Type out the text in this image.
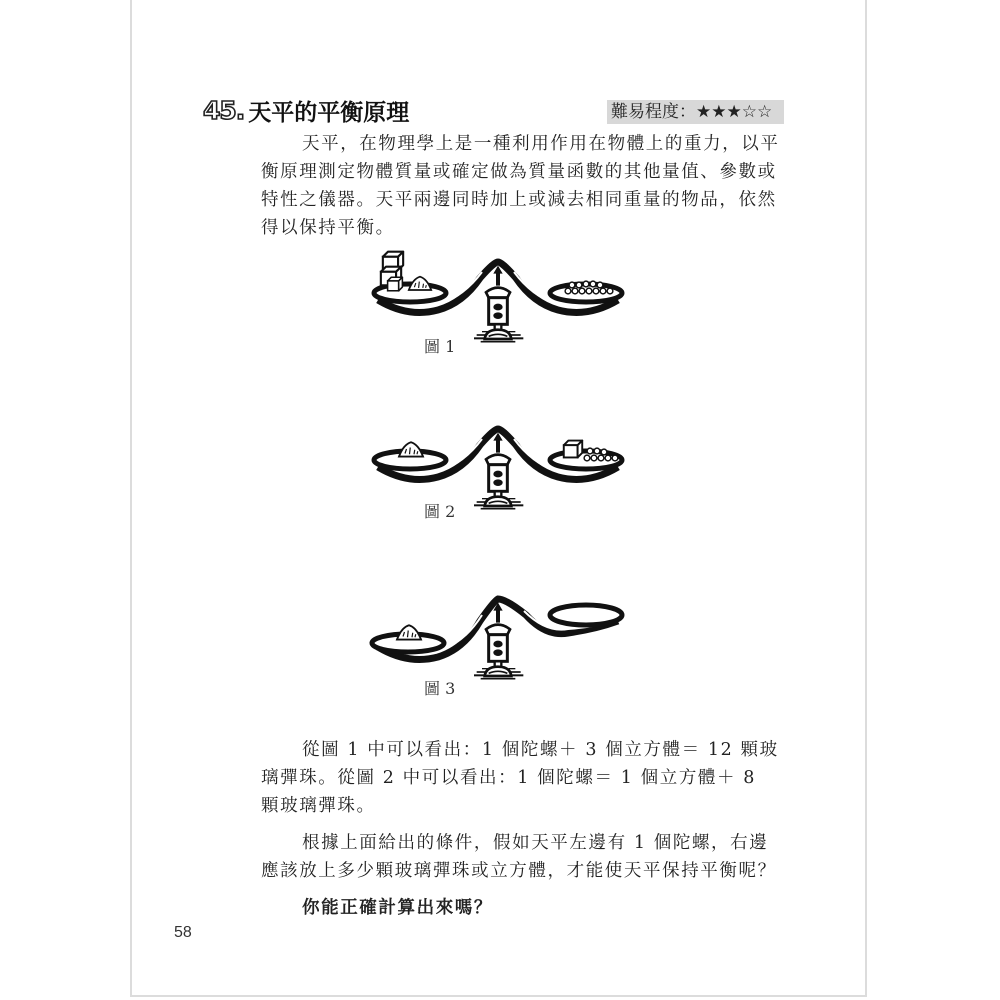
45. 天平的平衡原理	難易程度：★★★☆☆

天平，在物理學上是一種利用作用在物體上的重力，以平衡原理測定物體質量或確定做為質量函數的其他量值、參數或特性之儀器。天平兩邊同時加上或減去相同重量的物品，依然得以保持平衡。

圖 1
圖 2
圖 3

從圖 1 中可以看出：1 個陀螺＋ 3 個立方體＝ 12 顆玻璃彈珠。從圖 2 中可以看出：1 個陀螺＝ 1 個立方體＋ 8 顆玻璃彈珠。

根據上面給出的條件，假如天平左邊有 1 個陀螺，右邊應該放上多少顆玻璃彈珠或立方體，才能使天平保持平衡呢？

你能正確計算出來嗎？

58
